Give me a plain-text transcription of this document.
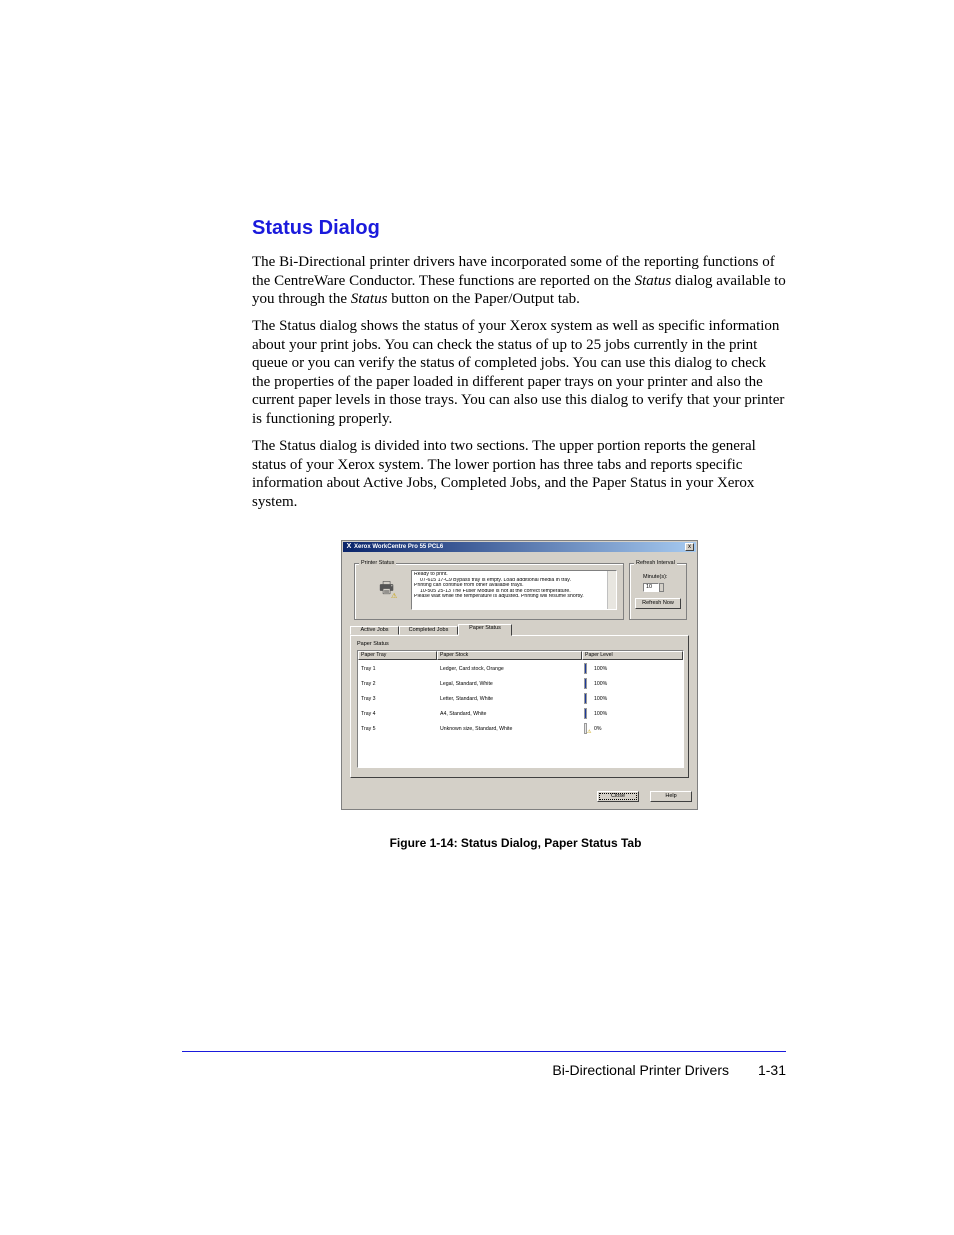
Status Dialog

The Bi-Directional printer drivers have incorporated some of the reporting functions of the CentreWare Conductor. These functions are reported on the Status dialog available to you through the Status button on the Paper/Output tab.

The Status dialog shows the status of your Xerox system as well as specific information about your print jobs. You can check the status of up to 25 jobs currently in the print queue or you can verify the status of completed jobs. You can use this dialog to check the properties of the paper loaded in different paper trays on your printer and also the current paper levels in those trays. You can also use this dialog to verify that your printer is functioning properly.

The Status dialog is divided into two sections. The upper portion reports the general status of your Xerox system. The lower portion has three tabs and reports specific information about Active Jobs, Completed Jobs, and the Paper Status in your Xerox system.

X Xerox WorkCentre Pro 55 PCL6	x
Printer Status
🖶
⚠
Ready to print.
07-615 17-C9 Bypass tray is empty. Load additional media in tray.
Printing can continue from other available trays.
10-505 25-13 The Fuser Module is not at the correct temperature.
Please wait while the temperature is adjusted. Printing will resume shortly.
Refresh Interval
Minute(s):
10
Refresh Now
Active Jobs	Completed Jobs	Paper Status
Paper Status
Paper Tray	Paper Stock	Paper Level
Tray 1	Ledger, Card stock, Orange	100%
Tray 2	Legal, Standard, White	100%
Tray 3	Letter, Standard, White	100%
Tray 4	A4, Standard, White	100%
Tray 5	Unknown size, Standard, White	⚠ 0%
Close	Help

Figure 1-14: Status Dialog, Paper Status Tab

Bi-Directional Printer Drivers 1-31
